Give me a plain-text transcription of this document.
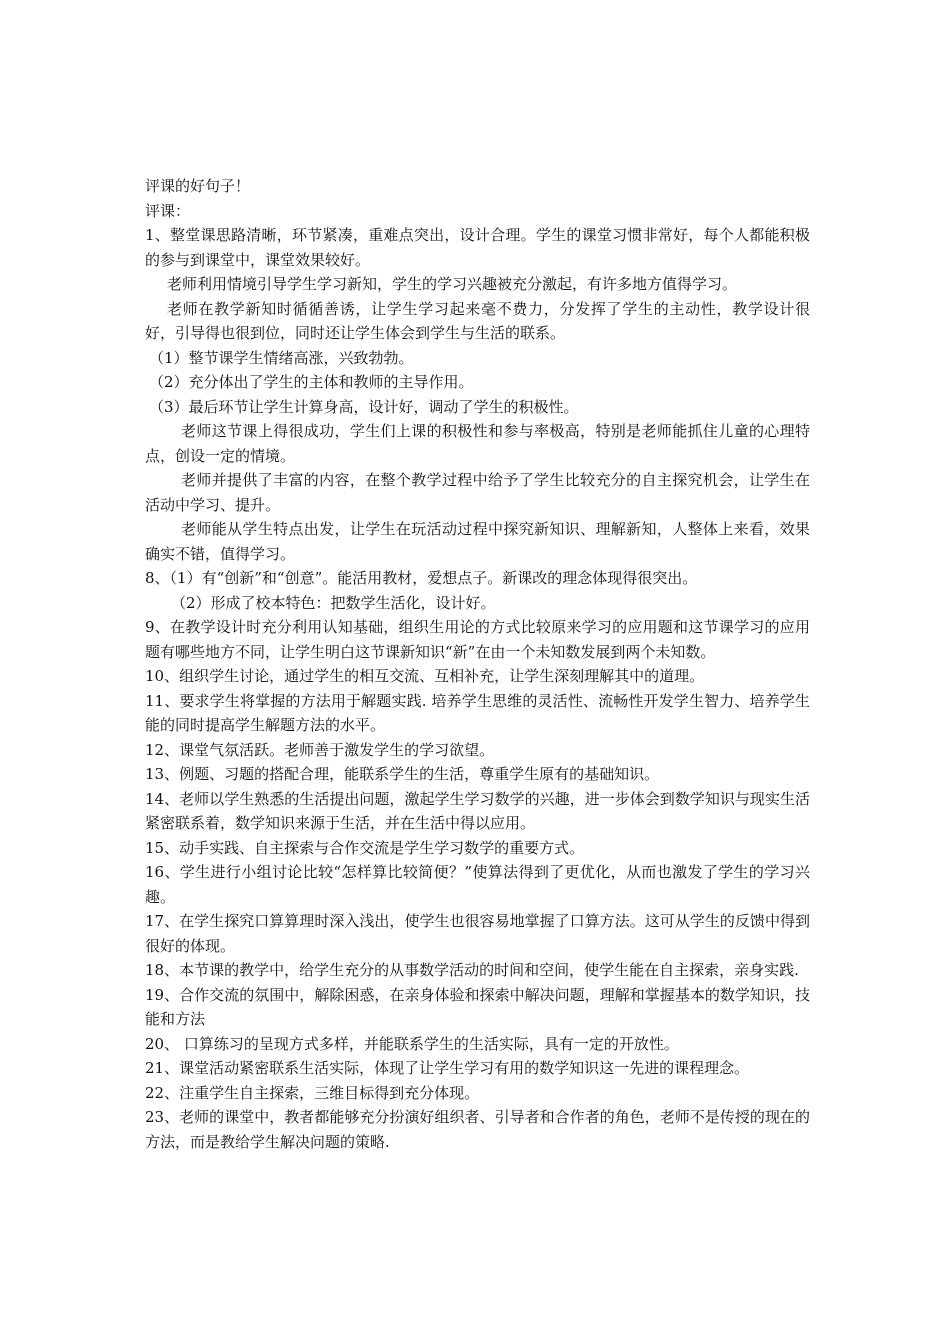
评课的好句子！

评课：

1、整堂课思路清晰，环节紧凑，重难点突出，设计合理。学生的课堂习惯非常好，每个人都能积极的参与到课堂中，课堂效果较好。

老师利用情境引导学生学习新知，学生的学习兴趣被充分激起，有许多地方值得学习。

老师在教学新知时循循善诱，让学生学习起来毫不费力，分发挥了学生的主动性，教学设计很好，引导得也很到位，同时还让学生体会到学生与生活的联系。

（1）整节课学生情绪高涨，兴致勃勃。

（2）充分体出了学生的主体和教师的主导作用。

（3）最后环节让学生计算身高，设计好，调动了学生的积极性。

老师这节课上得很成功，学生们上课的积极性和参与率极高，特别是老师能抓住儿童的心理特点，创设一定的情境。

老师并提供了丰富的内容，在整个教学过程中给予了学生比较充分的自主探究机会，让学生在活动中学习、提升。

老师能从学生特点出发，让学生在玩活动过程中探究新知识、理解新知，人整体上来看，效果确实不错，值得学习。

8、（1）有“创新”和“创意”。能活用教材，爱想点子。新课改的理念体现得很突出。

（2）形成了校本特色：把数学生活化，设计好。

9、在教学设计时充分利用认知基础，组织生用论的方式比较原来学习的应用题和这节课学习的应用题有哪些地方不同，让学生明白这节课新知识“新”在由一个未知数发展到两个未知数。

10、组织学生讨论，通过学生的相互交流、互相补充，让学生深刻理解其中的道理。

11、要求学生将掌握的方法用于解题实践. 培养学生思维的灵活性、流畅性开发学生智力、培养学生能的同时提高学生解题方法的水平。

12、课堂气氛活跃。老师善于激发学生的学习欲望。

13、例题、习题的搭配合理，能联系学生的生活，尊重学生原有的基础知识。

14、老师以学生熟悉的生活提出问题，激起学生学习数学的兴趣，进一步体会到数学知识与现实生活紧密联系着，数学知识来源于生活，并在生活中得以应用。

15、动手实践、自主探索与合作交流是学生学习数学的重要方式。

16、学生进行小组讨论比较“怎样算比较简便？”使算法得到了更优化，从而也激发了学生的学习兴趣。

17、在学生探究口算算理时深入浅出，使学生也很容易地掌握了口算方法。这可从学生的反馈中得到很好的体现。

18、本节课的教学中，给学生充分的从事数学活动的时间和空间，使学生能在自主探索，亲身实践.

19、合作交流的氛围中，解除困惑，在亲身体验和探索中解决问题，理解和掌握基本的数学知识，技能和方法

20、 口算练习的呈现方式多样，并能联系学生的生活实际，具有一定的开放性。

21、课堂活动紧密联系生活实际，体现了让学生学习有用的数学知识这一先进的课程理念。

22、注重学生自主探索，三维目标得到充分体现。

23、老师的课堂中，教者都能够充分扮演好组织者、引导者和合作者的角色，老师不是传授的现在的方法，而是教给学生解决问题的策略.
